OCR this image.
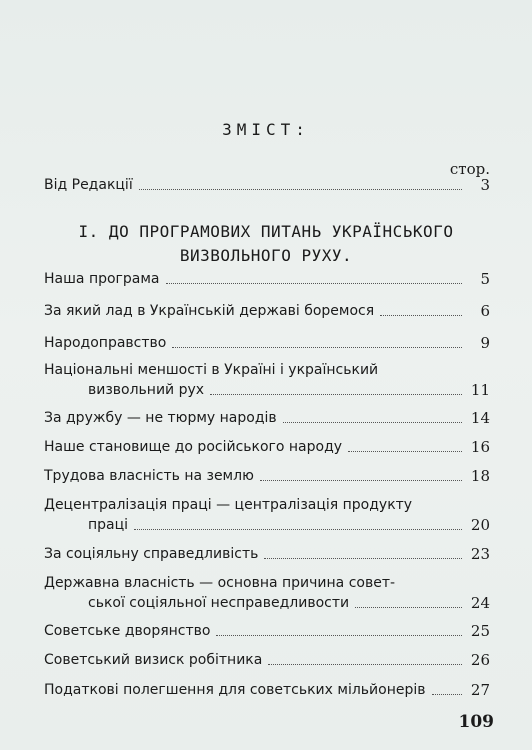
ЗМІСТ:
стор.
Від Редакції	3
І. ДО ПРОГРАМОВИХ ПИТАНЬ УКРАЇНСЬКОГО
ВИЗВОЛЬНОГО РУХУ.
Наша програма	5
За який лад в Українській державі боремося	6
Народоправство	9
Національні меншості в Україні і український
визвольний рух	11
За дружбу — не тюрму народів	14
Наше становище до російського народу	16
Трудова власність на землю	18
Децентралізація праці — централізація продукту
праці	20
За соціяльну справедливість	23
Державна власність — основна причина совет-
ської соціяльної несправедливости	24
Советське дворянство	25
Советський визиск робітника	26
Податкові полегшення для советських мільйонерів	27
109
